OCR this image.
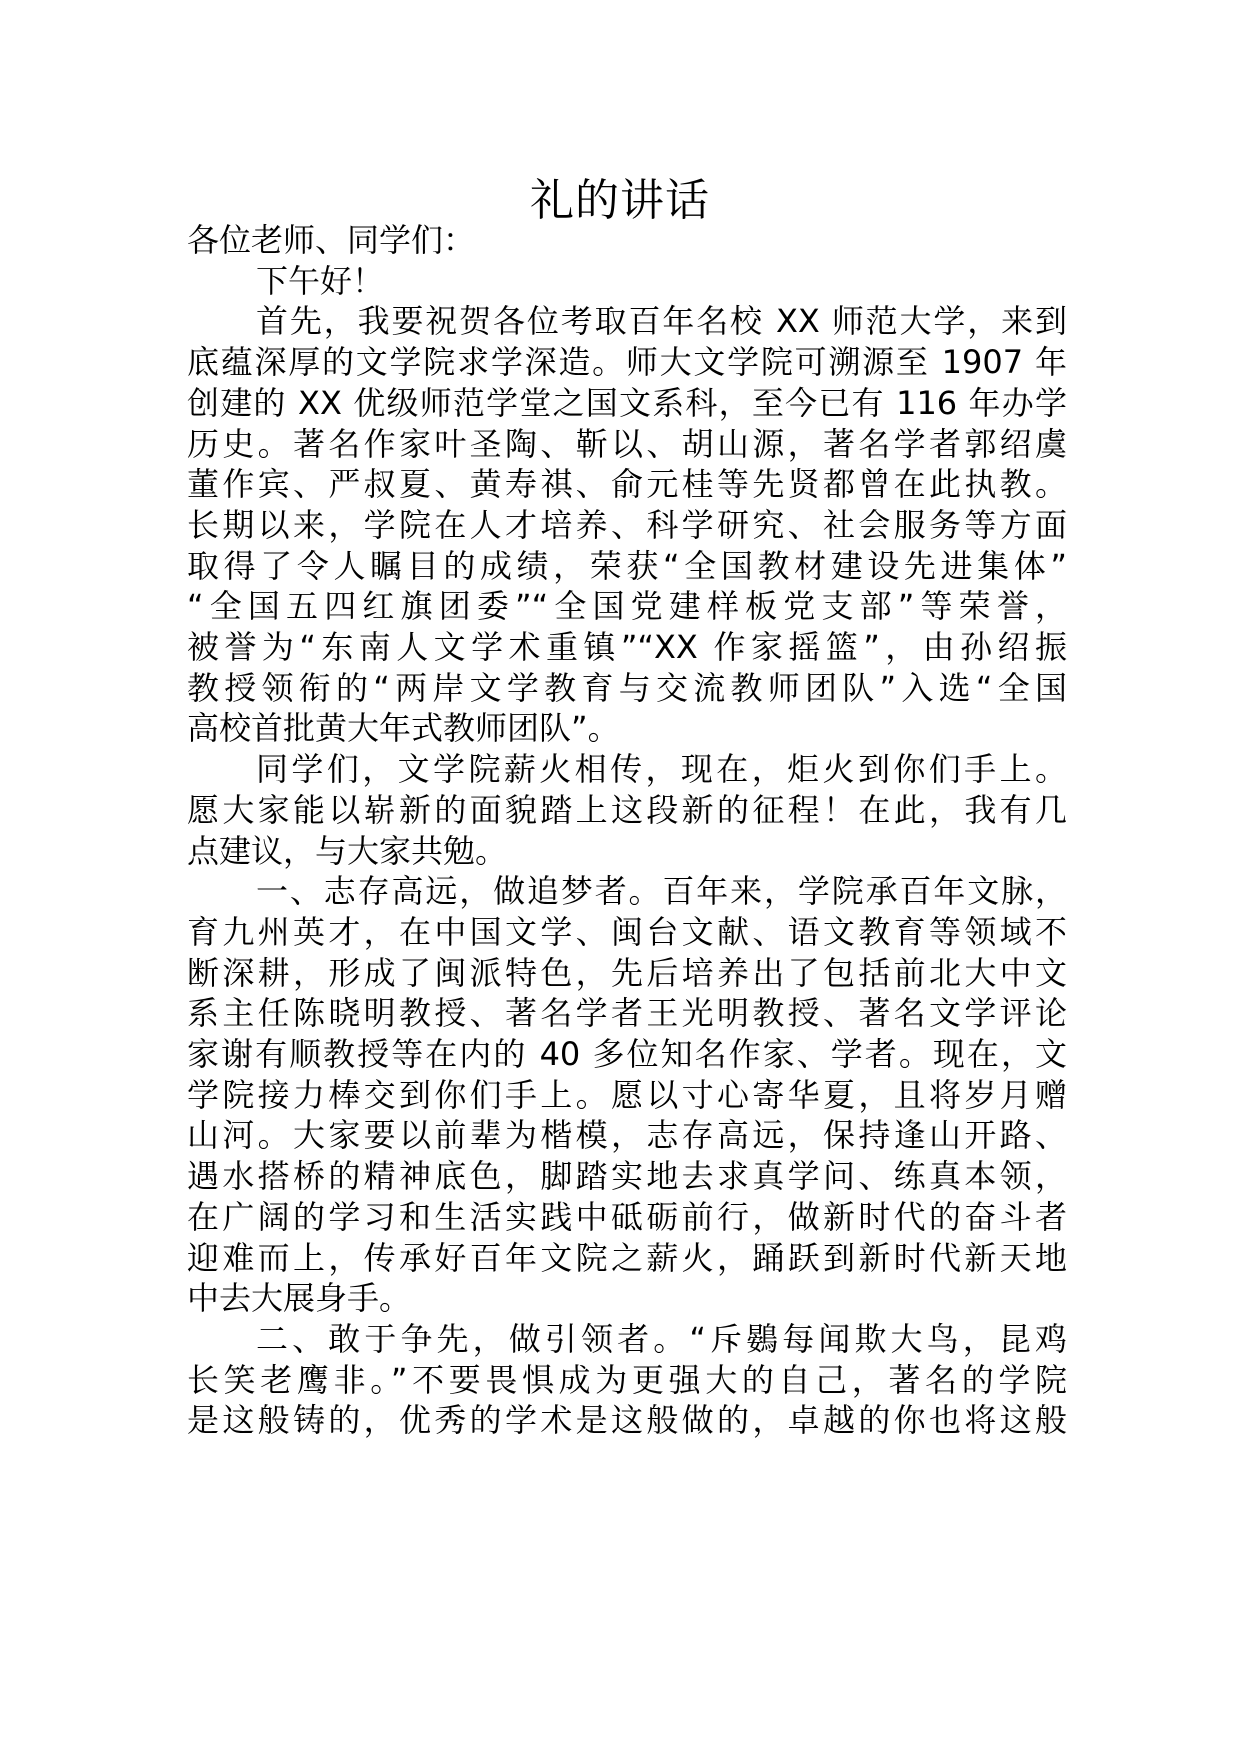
礼的讲话
各位老师、同学们：
下午好！
首先，我要祝贺各位考取百年名校 XX 师范大学，来到
底蕴深厚的文学院求学深造。师大文学院可溯源至 1907 年
创建的 XX 优级师范学堂之国文系科，至今已有 116 年办学
历史。著名作家叶圣陶、靳以、胡山源，著名学者郭绍虞
董作宾、严叔夏、黄寿祺、俞元桂等先贤都曾在此执教。
长期以来，学院在人才培养、科学研究、社会服务等方面
取得了令人瞩目的成绩，荣获“全国教材建设先进集体”
“全国五四红旗团委”“全国党建样板党支部”等荣誉，
被誉为“东南人文学术重镇”“XX 作家摇篮”，由孙绍振
教授领衔的“两岸文学教育与交流教师团队”入选“全国
高校首批黄大年式教师团队”。
同学们，文学院薪火相传，现在，炬火到你们手上。
愿大家能以崭新的面貌踏上这段新的征程！在此，我有几
点建议，与大家共勉。
一、志存高远，做追梦者。百年来，学院承百年文脉，
育九州英才，在中国文学、闽台文献、语文教育等领域不
断深耕，形成了闽派特色，先后培养出了包括前北大中文
系主任陈晓明教授、著名学者王光明教授、著名文学评论
家谢有顺教授等在内的 40 多位知名作家、学者。现在，文
学院接力棒交到你们手上。愿以寸心寄华夏，且将岁月赠
山河。大家要以前辈为楷模，志存高远，保持逢山开路、
遇水搭桥的精神底色，脚踏实地去求真学问、练真本领，
在广阔的学习和生活实践中砥砺前行，做新时代的奋斗者
迎难而上，传承好百年文院之薪火，踊跃到新时代新天地
中去大展身手。
二、敢于争先，做引领者。“斥鷃每闻欺大鸟，昆鸡
长笑老鹰非。”不要畏惧成为更强大的自己，著名的学院
是这般铸的，优秀的学术是这般做的，卓越的你也将这般
